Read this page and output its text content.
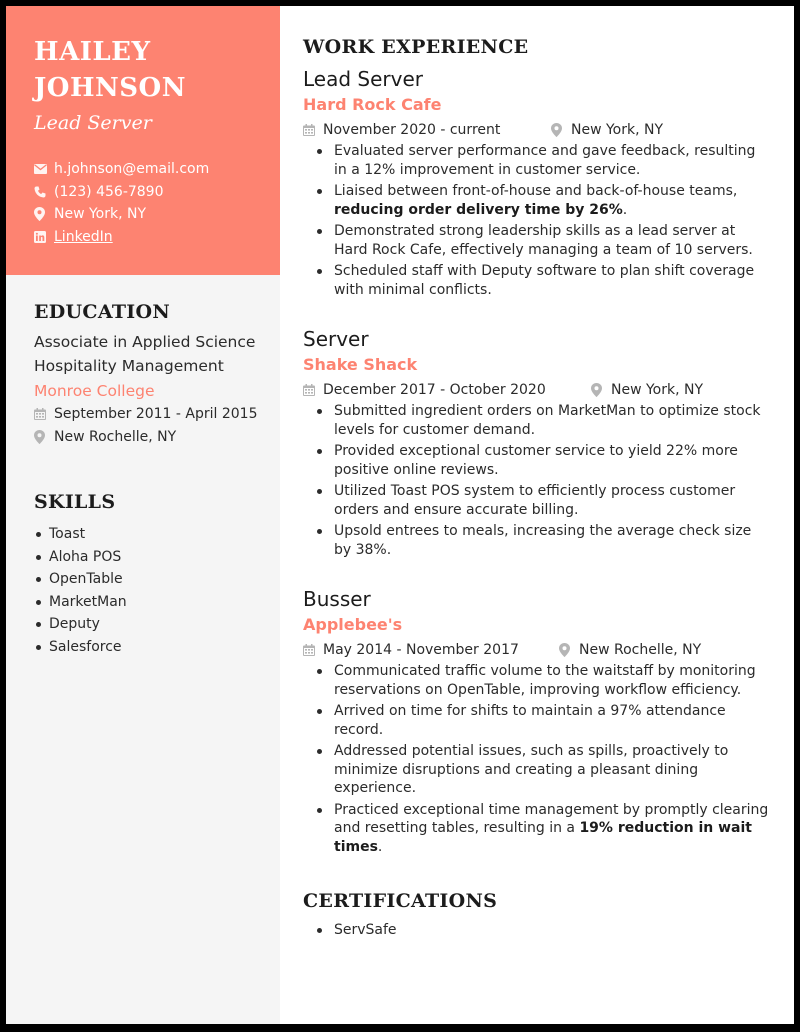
HAILEY
JOHNSON
Lead Server
h.johnson@email.com
(123) 456-7890
New York, NY
LinkedIn
EDUCATION
Associate in Applied Science
Hospitality Management
Monroe College
September 2011 - April 2015
New Rochelle, NY
SKILLS
Toast
Aloha POS
OpenTable
MarketMan
Deputy
Salesforce
WORK EXPERIENCE
Lead Server
Hard Rock Cafe
November 2020 - current	New York, NY
Evaluated server performance and gave feedback, resulting in a 12% improvement in customer service.
Liaised between front-of-house and back-of-house teams, reducing order delivery time by 26%.
Demonstrated strong leadership skills as a lead server at Hard Rock Cafe, effectively managing a team of 10 servers.
Scheduled staff with Deputy software to plan shift coverage with minimal conflicts.
Server
Shake Shack
December 2017 - October 2020	New York, NY
Submitted ingredient orders on MarketMan to optimize stock levels for customer demand.
Provided exceptional customer service to yield 22% more positive online reviews.
Utilized Toast POS system to efficiently process customer orders and ensure accurate billing.
Upsold entrees to meals, increasing the average check size by 38%.
Busser
Applebee's
May 2014 - November 2017	New Rochelle, NY
Communicated traffic volume to the waitstaff by monitoring reservations on OpenTable, improving workflow efficiency.
Arrived on time for shifts to maintain a 97% attendance record.
Addressed potential issues, such as spills, proactively to minimize disruptions and creating a pleasant dining experience.
Practiced exceptional time management by promptly clearing and resetting tables, resulting in a 19% reduction in wait times.
CERTIFICATIONS
ServSafe
